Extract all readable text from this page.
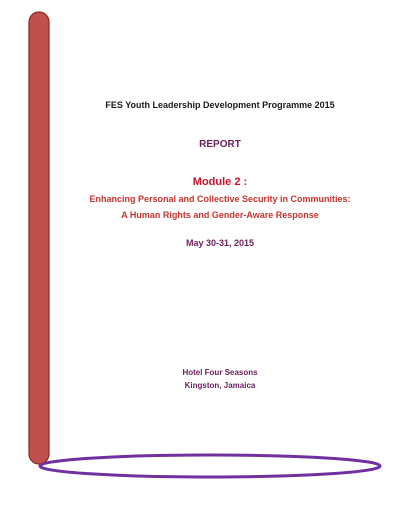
FES Youth Leadership Development Programme 2015
REPORT
Module 2 :
Enhancing Personal and Collective Security in Communities:
A Human Rights and Gender-Aware Response
May 30-31, 2015
Hotel Four Seasons
Kingston, Jamaica
